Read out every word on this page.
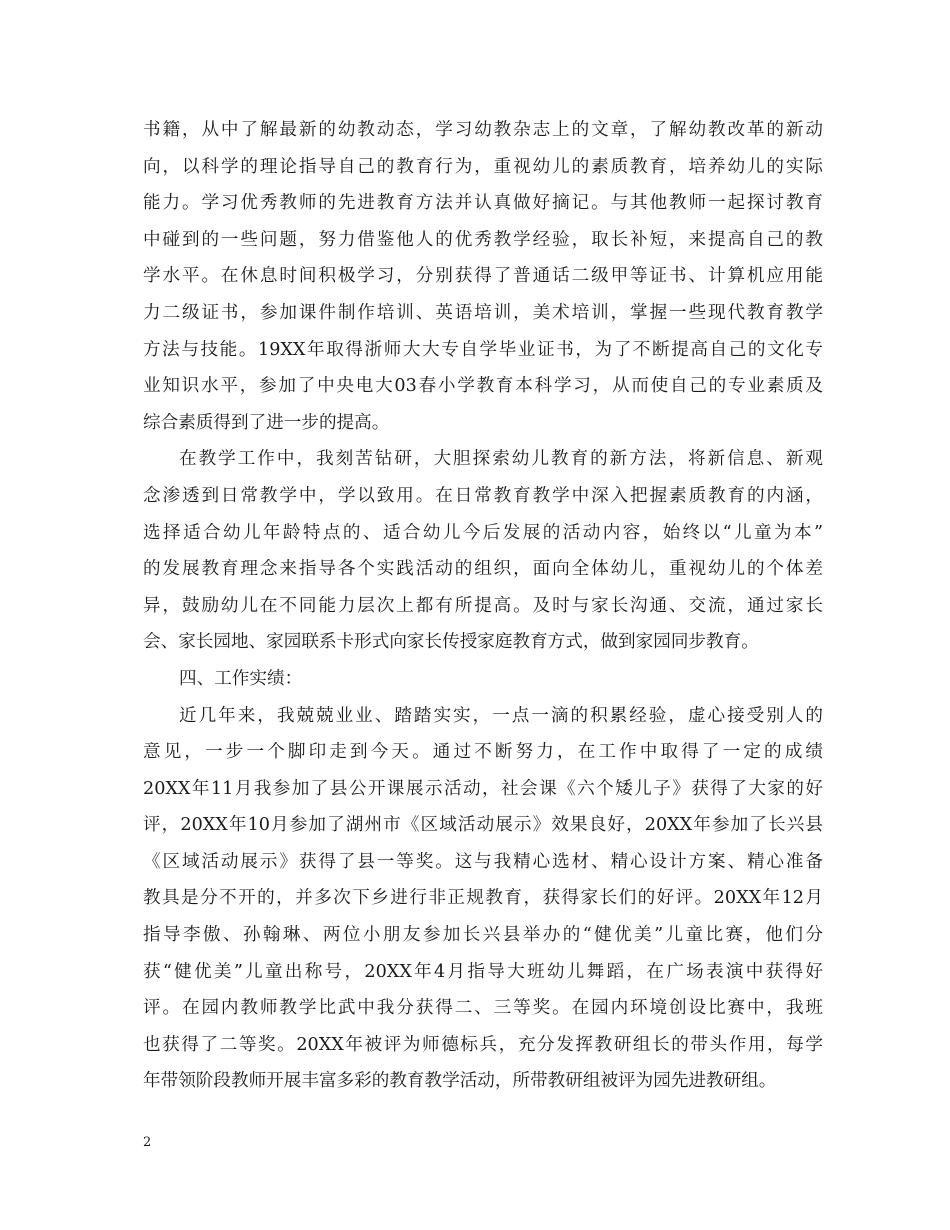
书籍，从中了解最新的幼教动态，学习幼教杂志上的文章，了解幼教改革的新动
向，以科学的理论指导自己的教育行为，重视幼儿的素质教育，培养幼儿的实际
能力。学习优秀教师的先进教育方法并认真做好摘记。与其他教师一起探讨教育
中碰到的一些问题，努力借鉴他人的优秀教学经验，取长补短，来提高自己的教
学水平。在休息时间积极学习，分别获得了普通话二级甲等证书、计算机应用能
力二级证书，参加课件制作培训、英语培训，美术培训，掌握一些现代教育教学
方法与技能。19XX年取得浙师大大专自学毕业证书，为了不断提高自己的文化专
业知识水平，参加了中央电大03春小学教育本科学习，从而使自己的专业素质及
综合素质得到了进一步的提高。
在教学工作中，我刻苦钻研，大胆探索幼儿教育的新方法，将新信息、新观
念渗透到日常教学中，学以致用。在日常教育教学中深入把握素质教育的内涵，
选择适合幼儿年龄特点的、适合幼儿今后发展的活动内容，始终以“儿童为本”
的发展教育理念来指导各个实践活动的组织，面向全体幼儿，重视幼儿的个体差
异，鼓励幼儿在不同能力层次上都有所提高。及时与家长沟通、交流，通过家长
会、家长园地、家园联系卡形式向家长传授家庭教育方式，做到家园同步教育。
四、工作实绩：
近几年来，我兢兢业业、踏踏实实，一点一滴的积累经验，虚心接受别人的
意见，一步一个脚印走到今天。通过不断努力，在工作中取得了一定的成绩
20XX年11月我参加了县公开课展示活动，社会课《六个矮儿子》获得了大家的好
评，20XX年10月参加了湖州市《区域活动展示》效果良好，20XX年参加了长兴县
《区域活动展示》获得了县一等奖。这与我精心选材、精心设计方案、精心准备
教具是分不开的，并多次下乡进行非正规教育，获得家长们的好评。20XX年12月
指导李傲、孙翰琳、两位小朋友参加长兴县举办的“健优美”儿童比赛，他们分
获“健优美”儿童出称号，20XX年4月指导大班幼儿舞蹈，在广场表演中获得好
评。在园内教师教学比武中我分获得二、三等奖。在园内环境创设比赛中，我班
也获得了二等奖。20XX年被评为师德标兵，充分发挥教研组长的带头作用，每学
年带领阶段教师开展丰富多彩的教育教学活动，所带教研组被评为园先进教研组。
2
